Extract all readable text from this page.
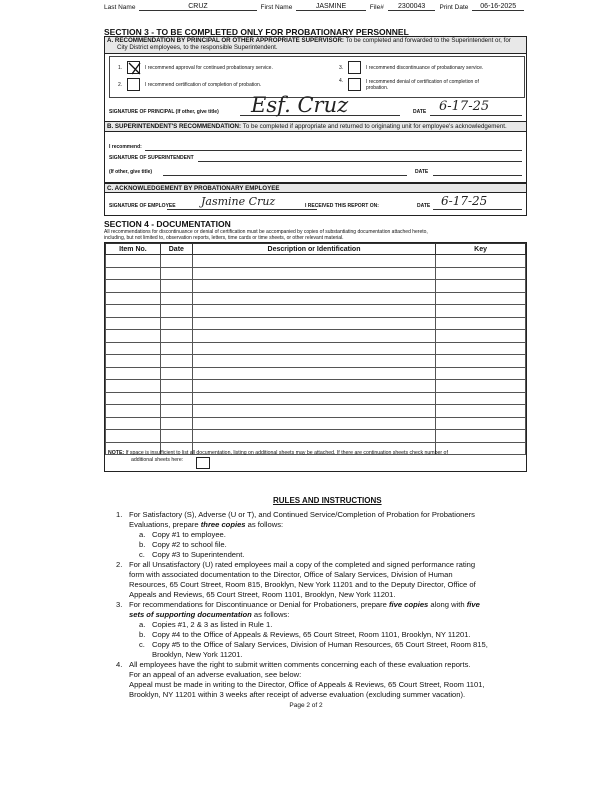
Last Name	CRUZ	First Name	JASMINE	File#	2300043	Print Date	06-16-2025
SECTION 3 - TO BE COMPLETED ONLY FOR PROBATIONARY PERSONNEL
A. RECOMMENDATION BY PRINCIPAL OR OTHER APPROPRIATE SUPERVISOR: To be completed and forwarded to the Superintendent or, for
City District employees, to the responsible Superintendent.
1.	I recommend approval for continued probationary service.
2.	I recommend certification of completion of probation.
3.	I recommend discontinuance of probationary service.
4.	I recommend denial of certification of completion of
probation.
SIGNATURE OF PRINCIPAL (If other, give title) Esf. Cruz	DATE 6-17-25
B. SUPERINTENDENT'S RECOMMENDATION: To be completed if appropriate and returned to originating unit for employee's acknowledgement.
I recommend:
SIGNATURE OF SUPERINTENDENT
(If other, give title)	DATE
C. ACKNOWLEDGEMENT BY PROBATIONARY EMPLOYEE
SIGNATURE OF EMPLOYEE Jasmine Cruz	I RECEIVED THIS REPORT ON:	DATE 6-17-25
SECTION 4 - DOCUMENTATION
All recommendations for discontinuance or denial of certification must be accompanied by copies of substantiating documentation attached hereto,
including, but not limited to, observation reports, letters, time cards or time sheets, or other relevant material.
Item No.	Date	Description or Identification	Key

NOTE: If space is insufficient to list all documentation, listing on additional sheets may be attached. If there are continuation sheets check number of
additional sheets here:
RULES AND INSTRUCTIONS
1. For Satisfactory (S), Adverse (U or T), and Continued Service/Completion of Probation for Probationers
Evaluations, prepare three copies as follows:
a. Copy #1 to employee.
b. Copy #2 to school file.
c. Copy #3 to Superintendent.
2. For all Unsatisfactory (U) rated employees mail a copy of the completed and signed performance rating
form with associated documentation to the Director, Office of Salary Services, Division of Human
Resources, 65 Court Street, Room 815, Brooklyn, New York 11201 and to the Deputy Director, Office of
Appeals and Reviews, 65 Court Street, Room 1101, Brooklyn, New York 11201.
3. For recommendations for Discontinuance or Denial for Probationers, prepare five copies along with five
sets of supporting documentation as follows:
a. Copies #1, 2 & 3 as listed in Rule 1.
b. Copy #4 to the Office of Appeals & Reviews, 65 Court Street, Room 1101, Brooklyn, NY 11201.
c. Copy #5 to the Office of Salary Services, Division of Human Resources, 65 Court Street, Room 815,
Brooklyn, New York 11201.
4. All employees have the right to submit written comments concerning each of these evaluation reports.
For an appeal of an adverse evaluation, see below:
Appeal must be made in writing to the Director, Office of Appeals & Reviews, 65 Court Street, Room 1101,
Brooklyn, NY 11201 within 3 weeks after receipt of adverse evaluation (excluding summer vacation).
Page 2 of 2
